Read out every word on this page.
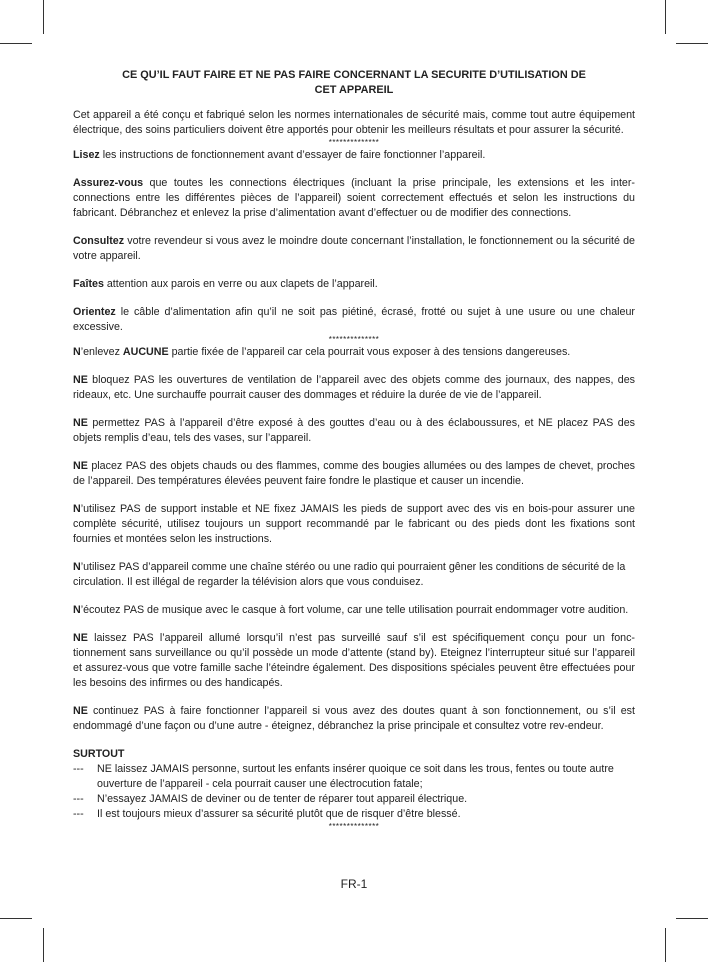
CE QU’IL FAUT FAIRE ET NE PAS FAIRE CONCERNANT LA SECURITE D’UTILISATION DE
CET APPAREIL

Cet appareil a été conçu et fabriqué selon les normes internationales de sécurité mais, comme tout autre équipement électrique, des soins particuliers doivent être apportés pour obtenir les meilleurs résultats et pour assurer la sécurité.

**************

Lisez les instructions de fonctionnement avant d’essayer de faire fonctionner l’appareil.

Assurez-vous que toutes les connections électriques (incluant la prise principale, les extensions et les inter-connections entre les différentes pièces de l’appareil) soient correctement effectués et selon les instructions du fabricant. Débranchez et enlevez la prise d’alimentation avant d’effectuer ou de modifier des connections.

Consultez votre revendeur si vous avez le moindre doute concernant l’installation, le fonctionnement ou la sécurité de votre appareil.

Faîtes attention aux parois en verre ou aux clapets de l’appareil.

Orientez le câble d’alimentation afin qu’il ne soit pas piétiné, écrasé, frotté ou sujet à une usure ou une chaleur excessive.

**************

N’enlevez AUCUNE partie fixée de l’appareil car cela pourrait vous exposer à des tensions dangereuses.

NE bloquez PAS les ouvertures de ventilation de l’appareil avec des objets comme des journaux, des nappes, des rideaux, etc. Une surchauffe pourrait causer des dommages et réduire la durée de vie de l’appareil.

NE permettez PAS à l’appareil d’être exposé à des gouttes d’eau ou à des éclaboussures, et NE placez PAS des objets remplis d’eau, tels des vases, sur l’appareil.

NE placez PAS des objets chauds ou des flammes, comme des bougies allumées ou des lampes de chevet, proches de l’appareil. Des températures élevées peuvent faire fondre le plastique et causer un incendie.

N’utilisez PAS de support instable et NE fixez JAMAIS les pieds de support avec des vis en bois-pour assurer une complète sécurité, utilisez toujours un support recommandé par le fabricant ou des pieds dont les fixations sont fournies et montées selon les instructions.

N’utilisez PAS d’appareil comme une chaîne stéréo ou une radio qui pourraient gêner les conditions de sécurité de la circulation. Il est illégal de regarder la télévision alors que vous conduisez.

N’écoutez PAS de musique avec le casque à fort volume, car une telle utilisation pourrait endommager votre audition.

NE laissez PAS l’appareil allumé lorsqu’il n’est pas surveillé sauf s’il est spécifiquement conçu pour un fonc-tionnement sans surveillance ou qu’il possède un mode d’attente (stand by). Eteignez l’interrupteur situé sur l’appareil et assurez-vous que votre famille sache l’éteindre également. Des dispositions spéciales peuvent être effectuées pour les besoins des infirmes ou des handicapés.

NE continuez PAS à faire fonctionner l’appareil si vous avez des doutes quant à son fonctionnement, ou s’il est endommagé d’une façon ou d’une autre - éteignez, débranchez la prise principale et consultez votre rev-endeur.

SURTOUT

--- NE laissez JAMAIS personne, surtout les enfants insérer quoique ce soit dans les trous, fentes ou toute autre ouverture de l’appareil - cela pourrait causer une électrocution fatale;
--- N’essayez JAMAIS de deviner ou de tenter de réparer tout appareil électrique.
--- Il est toujours mieux d’assurer sa sécurité plutôt que de risquer d’être blessé.
**************
FR-1
